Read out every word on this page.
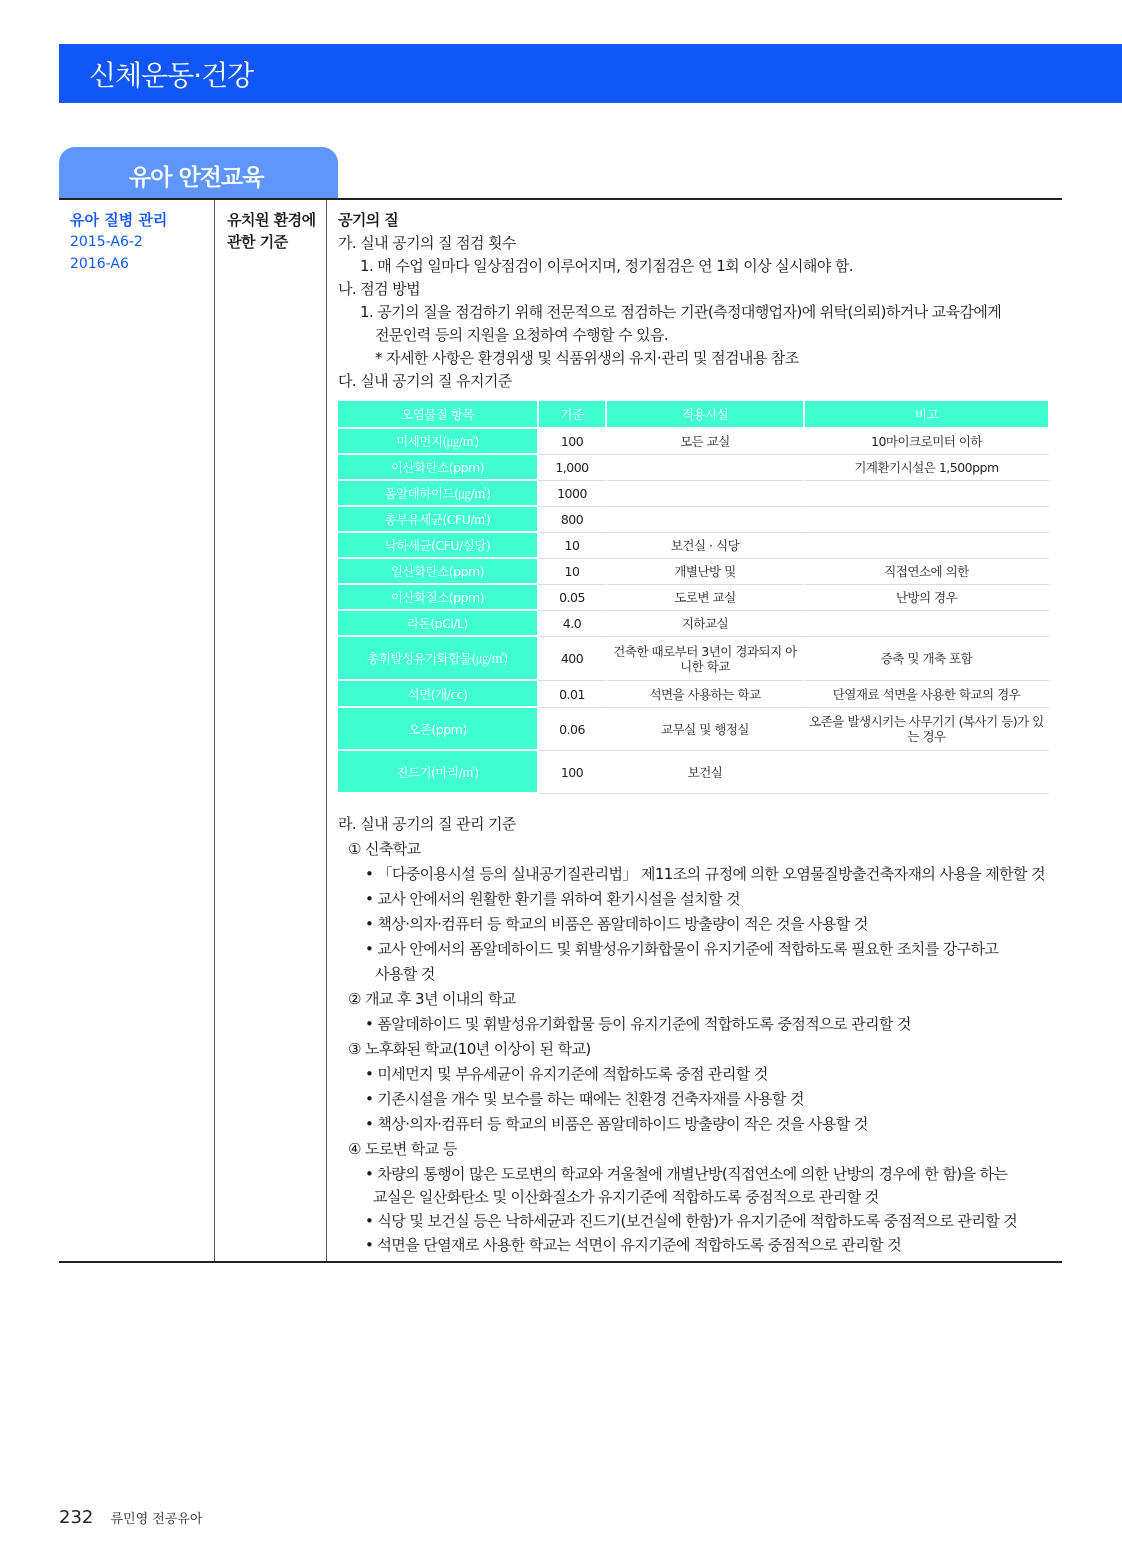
신체운동·건강
유아 안전교육
유아 질병 관리
2015-A6-2
2016-A6
유치원 환경에
관한 기준
공기의 질
가. 실내 공기의 질 점검 횟수
1. 매 수업 일마다 일상점검이 이루어지며, 정기점검은 연 1회 이상 실시해야 함.
나. 점검 방법
1. 공기의 질을 점검하기 위해 전문적으로 점검하는 기관(측정대행업자)에 위탁(의뢰)하거나 교육감에게
전문인력 등의 지원을 요청하여 수행할 수 있음.
* 자세한 사항은 환경위생 및 식품위생의 유지·관리 및 점검내용 참조
다. 실내 공기의 질 유지기준
라. 실내 공기의 질 관리 기준
① 신축학교
• 「다중이용시설 등의 실내공기질관리법」 제11조의 규정에 의한 오염물질방출건축자재의 사용을 제한할 것
• 교사 안에서의 원활한 환기를 위하여 환기시설을 설치할 것
• 책상·의자·컴퓨터 등 학교의 비품은 폼알데하이드 방출량이 적은 것을 사용할 것
• 교사 안에서의 폼알데하이드 및 휘발성유기화합물이 유지기준에 적합하도록 필요한 조치를 강구하고
사용할 것
② 개교 후 3년 이내의 학교
• 폼알데하이드 및 휘발성유기화합물 등이 유지기준에 적합하도록 중점적으로 관리할 것
③ 노후화된 학교(10년 이상이 된 학교)
• 미세먼지 및 부유세균이 유지기준에 적합하도록 중점 관리할 것
• 기존시설을 개수 및 보수를 하는 때에는 친환경 건축자재를 사용할 것
• 책상·의자·컴퓨터 등 학교의 비품은 폼알데하이드 방출량이 작은 것을 사용할 것
④ 도로변 학교 등
• 차량의 통행이 많은 도로변의 학교와 겨울철에 개별난방(직접연소에 의한 난방의 경우에 한 함)을 하는
교실은 일산화탄소 및 이산화질소가 유지기준에 적합하도록 중점적으로 관리할 것
• 식당 및 보건실 등은 낙하세균과 진드기(보건실에 한함)가 유지기준에 적합하도록 중점적으로 관리할 것
• 석면을 단열재로 사용한 학교는 석면이 유지기준에 적합하도록 중점적으로 관리할 것
오염물질 항목	기준	적용시설	비고
미세먼지(㎍/㎥)	100	모든 교실	10마이크로미터 이하
이산화탄소(ppm)	1,000		기계환기시설은 1,500ppm
폼알데하이드(㎍/㎥)	1000		
총부유세균(CFU/㎥)	800		
낙하세균(CFU/실당)	10	보건실 · 식당	
일산화탄소(ppm)	10	개별난방 및	직접연소에 의한
이산화질소(ppm)	0.05	도로변 교실	난방의 경우
라돈(pCi/L)	4.0	지하교실	
총휘발성유기화합물(㎍/㎥)	400	건축한 때로부터 3년이 경과되지 아니한 학교	증축 및 개축 포함
석면(개/cc)	0.01	석면을 사용하는 학교	단열재료 석면을 사용한 학교의 경우
오존(ppm)	0.06	교무실 및 행정실	오존을 발생시키는 사무기기 (복사기 등)가 있는 경우
진드기(마리/㎥)	100	보건실	
232 류민영 전공유아
